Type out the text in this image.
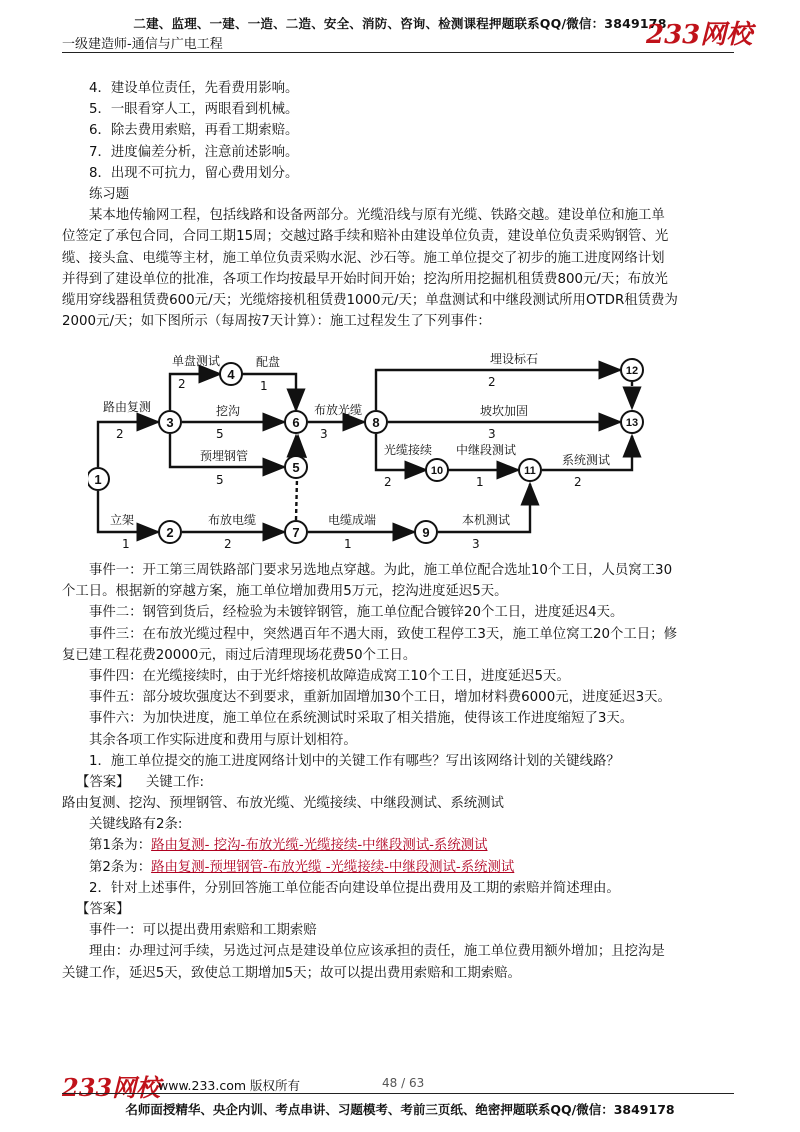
二建、监理、一建、一造、二造、安全、消防、咨询、检测课程押题联系QQ/微信：3849178
一级建造师-通信与广电工程	233网校
4．建设单位责任，先看费用影响。
5．一眼看穿人工，两眼看到机械。
6．除去费用索赔，再看工期索赔。
7．进度偏差分析，注意前述影响。
8．出现不可抗力，留心费用划分。
练习题
某本地传输网工程，包括线路和设备两部分。光缆沿线与原有光缆、铁路交越。建设单位和施工单
位签定了承包合同，合同工期15周；交越过路手续和赔补由建设单位负责，建设单位负责采购钢管、光
缆、接头盒、电缆等主材，施工单位负责采购水泥、沙石等。施工单位提交了初步的施工进度网络计划
并得到了建设单位的批准，各项工作均按最早开始时间开始；挖沟所用挖掘机租赁费800元/天；布放光
缆用穿线器租赁费600元/天；光缆熔接机租赁费1000元/天；单盘测试和中继段测试所用OTDR租赁费为
2000元/天；如下图所示（每周按7天计算）：施工过程发生了下列事件：
1
2
3
4
5
6
7
8
9
10	11
12
13
路由复测
单盘测试	配盘
挖沟
预埋钢管
布放光缆
埋设标石
坡坎加固
光缆接续 中继段测试
系统测试
立架	布放电缆	电缆成端	本机测试
2
2	1
5
5
3
2
3
2	1	2
1	2	1	3
事件一：开工第三周铁路部门要求另选地点穿越。为此，施工单位配合选址10个工日，人员窝工30
个工日。根据新的穿越方案，施工单位增加费用5万元，挖沟进度延迟5天。
事件二：钢管到货后，经检验为未镀锌钢管，施工单位配合镀锌20个工日，进度延迟4天。
事件三：在布放光缆过程中，突然遇百年不遇大雨，致使工程停工3天，施工单位窝工20个工日；修
复已建工程花费20000元，雨过后清理现场花费50个工日。
事件四：在光缆接续时，由于光纤熔接机故障造成窝工10个工日，进度延迟5天。
事件五：部分坡坎强度达不到要求，重新加固增加30个工日，增加材料费6000元，进度延迟3天。
事件六：为加快进度，施工单位在系统测试时采取了相关措施，使得该工作进度缩短了3天。
其余各项工作实际进度和费用与原计划相符。
1．施工单位提交的施工进度网络计划中的关键工作有哪些？写出该网络计划的关键线路？
【答案】	关键工作:
路由复测、挖沟、预埋钢管、布放光缆、光缆接续、中继段测试、系统测试
关键线路有2条:
第1条为：路由复测- 挖沟-布放光缆-光缆接续-中继段测试-系统测试
第2条为：路由复测-预埋钢管-布放光缆 -光缆接续-中继段测试-系统测试
2．针对上述事件，分别回答施工单位能否向建设单位提出费用及工期的索赔并简述理由。
【答案】
事件一：可以提出费用索赔和工期索赔
理由：办理过河手续，另选过河点是建设单位应该承担的责任，施工单位费用额外增加；且挖沟是
关键工作，延迟5天，致使总工期增加5天；故可以提出费用索赔和工期索赔。
233网校
www.233.com 版权所有	48 / 63
名师面授精华、央企内训、考点串讲、习题模考、考前三页纸、绝密押题联系QQ/微信：3849178
